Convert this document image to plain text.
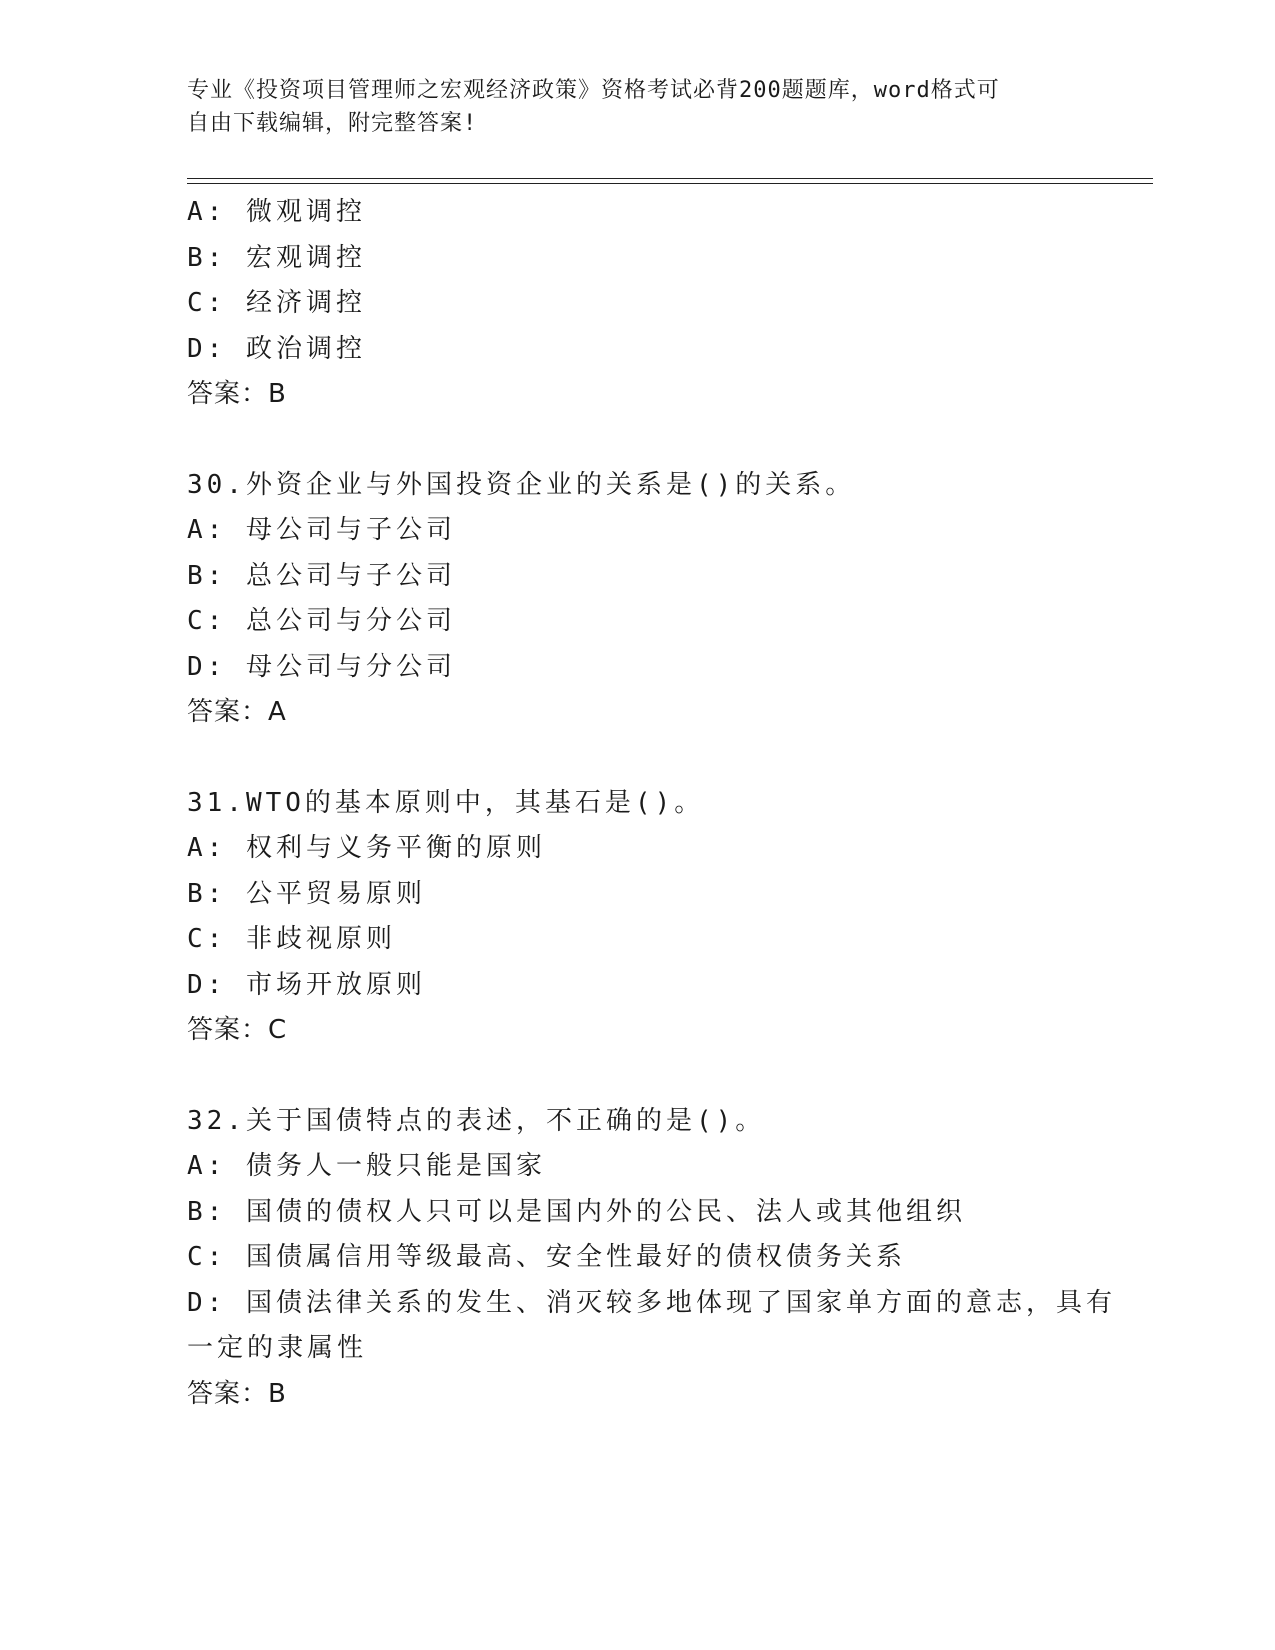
专业《投资项目管理师之宏观经济政策》资格考试必背200题题库，word格式可
自由下载编辑，附完整答案!
A: 微观调控
B: 宏观调控
C: 经济调控
D: 政治调控
答案：B
30.外资企业与外国投资企业的关系是()的关系。
A: 母公司与子公司
B: 总公司与子公司
C: 总公司与分公司
D: 母公司与分公司
答案：A
31.WTO的基本原则中，其基石是()。
A: 权利与义务平衡的原则
B: 公平贸易原则
C: 非歧视原则
D: 市场开放原则
答案：C
32.关于国债特点的表述，不正确的是()。
A: 债务人一般只能是国家
B: 国债的债权人只可以是国内外的公民、法人或其他组织
C: 国债属信用等级最高、安全性最好的债权债务关系
D: 国债法律关系的发生、消灭较多地体现了国家单方面的意志，具有
一定的隶属性
答案：B
